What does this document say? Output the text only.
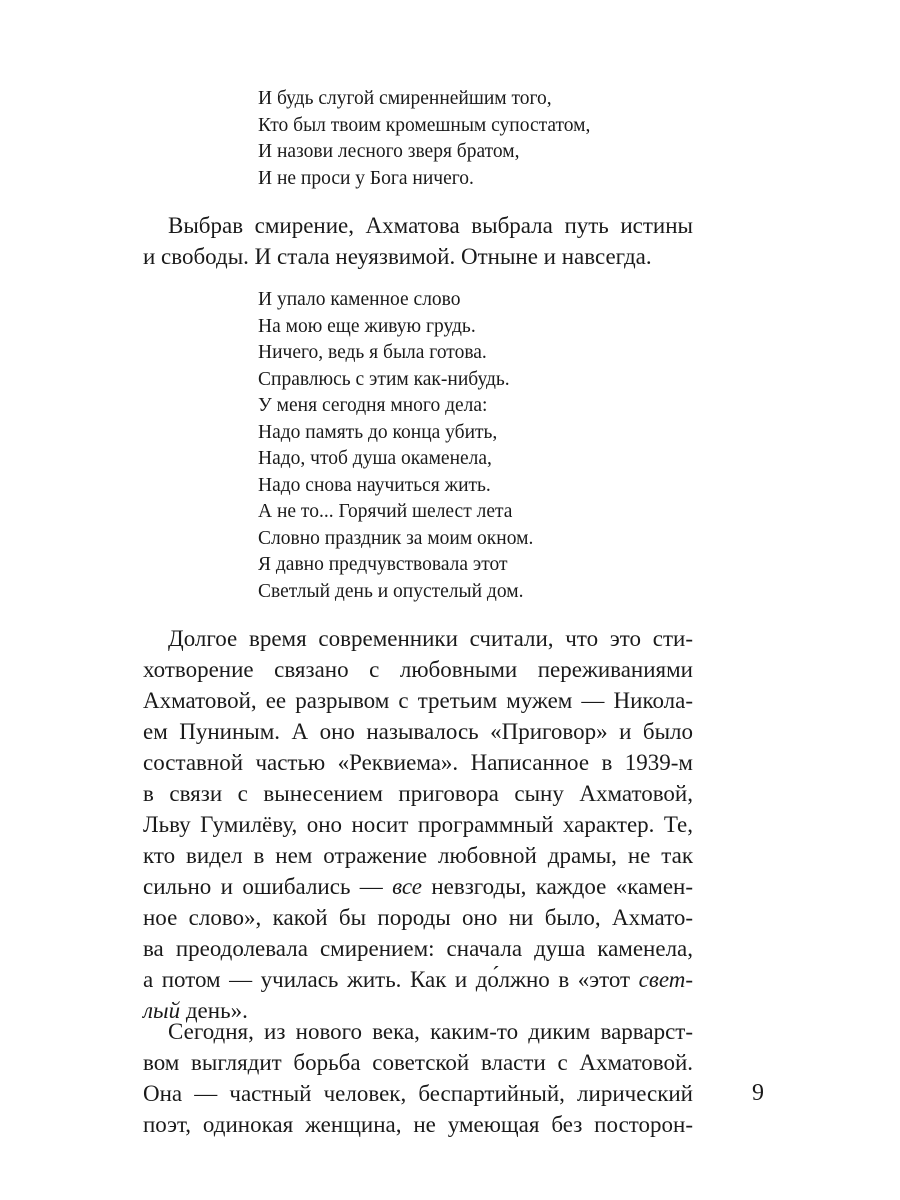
И будь слугой смиреннейшим того,
Кто был твоим кромешным супостатом,
И назови лесного зверя братом,
И не проси у Бога ничего.
Выбрав смирение, Ахматова выбрала путь истины
и свободы. И стала неуязвимой. Отныне и навсегда.
И упало каменное слово
На мою еще живую грудь.
Ничего, ведь я была готова.
Справлюсь с этим как-нибудь.
У меня сегодня много дела:
Надо память до конца убить,
Надо, чтоб душа окаменела,
Надо снова научиться жить.
А не то... Горячий шелест лета
Словно праздник за моим окном.
Я давно предчувствовала этот
Светлый день и опустелый дом.
Долгое время современники считали, что это сти-
хотворение связано с любовными переживаниями
Ахматовой, ее разрывом с третьим мужем — Никола-
ем Пуниным. А оно называлось «Приговор» и было
составной частью «Реквиема». Написанное в 1939-м
в связи с вынесением приговора сыну Ахматовой,
Льву Гумилёву, оно носит программный характер. Те,
кто видел в нем отражение любовной драмы, не так
сильно и ошибались — все невзгоды, каждое «камен-
ное слово», какой бы породы оно ни было, Ахмато-
ва преодолевала смирением: сначала душа каменела,
а потом — училась жить. Как и до́лжно в «этот свет-
лый день».
Сегодня, из нового века, каким-то диким варварст-
вом выглядит борьба советской власти с Ахматовой.
Она — частный человек, беспартийный, лирический
поэт, одинокая женщина, не умеющая без посторон-
9
